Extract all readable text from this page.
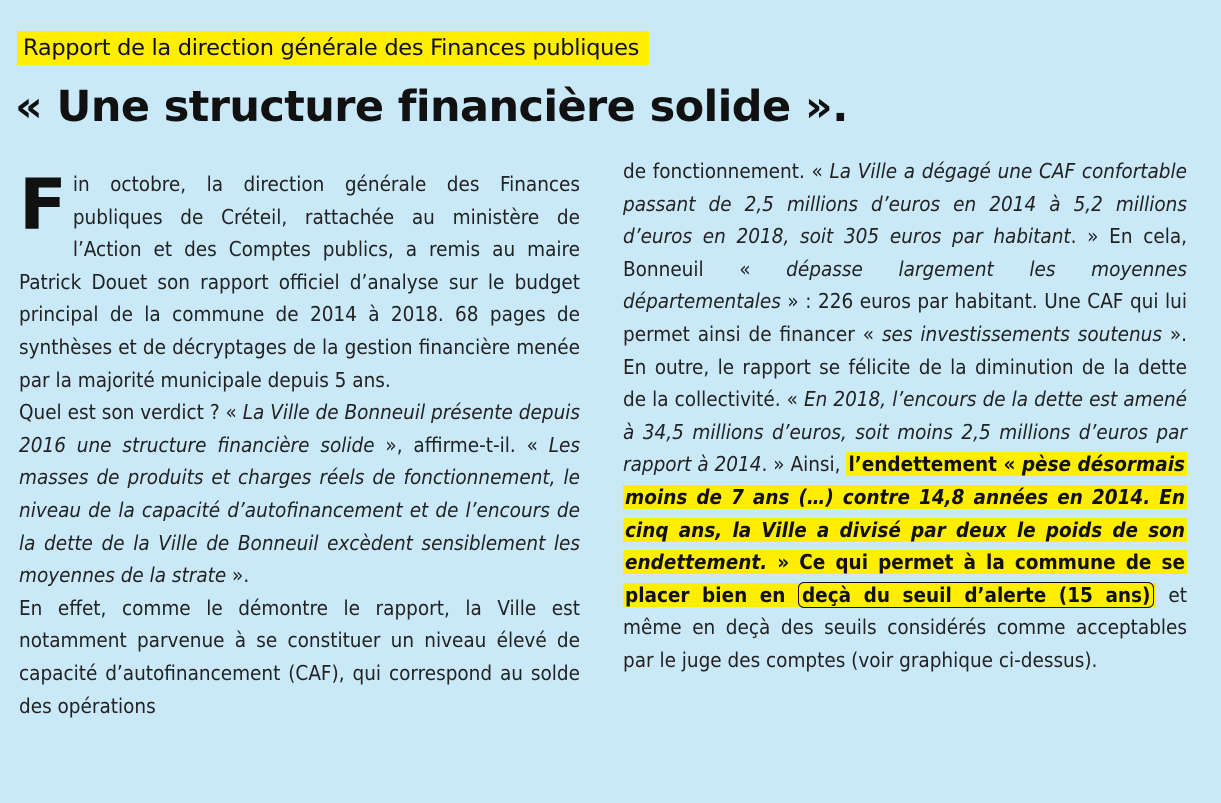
Rapport de la direction générale des Finances publiques
« Une structure financière solide ».

Fin octobre, la direction générale des Finances publiques de Créteil, rattachée au ministère de l’Action et des Comptes publics, a remis au maire Patrick Douet son rapport officiel d’analyse sur le budget principal de la commune de 2014 à 2018. 68 pages de synthèses et de décryptages de la gestion financière menée par la majorité municipale depuis 5 ans.

Quel est son verdict ? « La Ville de Bonneuil présente depuis 2016 une structure financière solide », affirme-t-il. « Les masses de produits et charges réels de fonctionnement, le niveau de la capacité d’autofinancement et de l’encours de la dette de la Ville de Bonneuil excèdent sensiblement les moyennes de la strate ».

En effet, comme le démontre le rapport, la Ville est notamment parvenue à se constituer un niveau élevé de capacité d’autofinancement (CAF), qui correspond au solde des opérations

de fonctionnement. « La Ville a dégagé une CAF confortable passant de 2,5 millions d’euros en 2014 à 5,2 millions d’euros en 2018, soit 305 euros par habitant. » En cela, Bonneuil « dépasse largement les moyennes départementales » : 226 euros par habitant. Une CAF qui lui permet ainsi de financer « ses investissements soutenus ». En outre, le rapport se félicite de la diminution de la dette de la collectivité. « En 2018, l’encours de la dette est amené à 34,5 millions d’euros, soit moins 2,5 millions d’euros par rapport à 2014. » Ainsi, l’endettement « pèse désormais moins de 7 ans (…) contre 14,8 années en 2014. En cinq ans, la Ville a divisé par deux le poids de son endettement. » Ce qui permet à la commune de se placer bien en deçà du seuil d’alerte (15 ans) et même en deçà des seuils considérés comme acceptables par le juge des comptes (voir graphique ci-dessus).
